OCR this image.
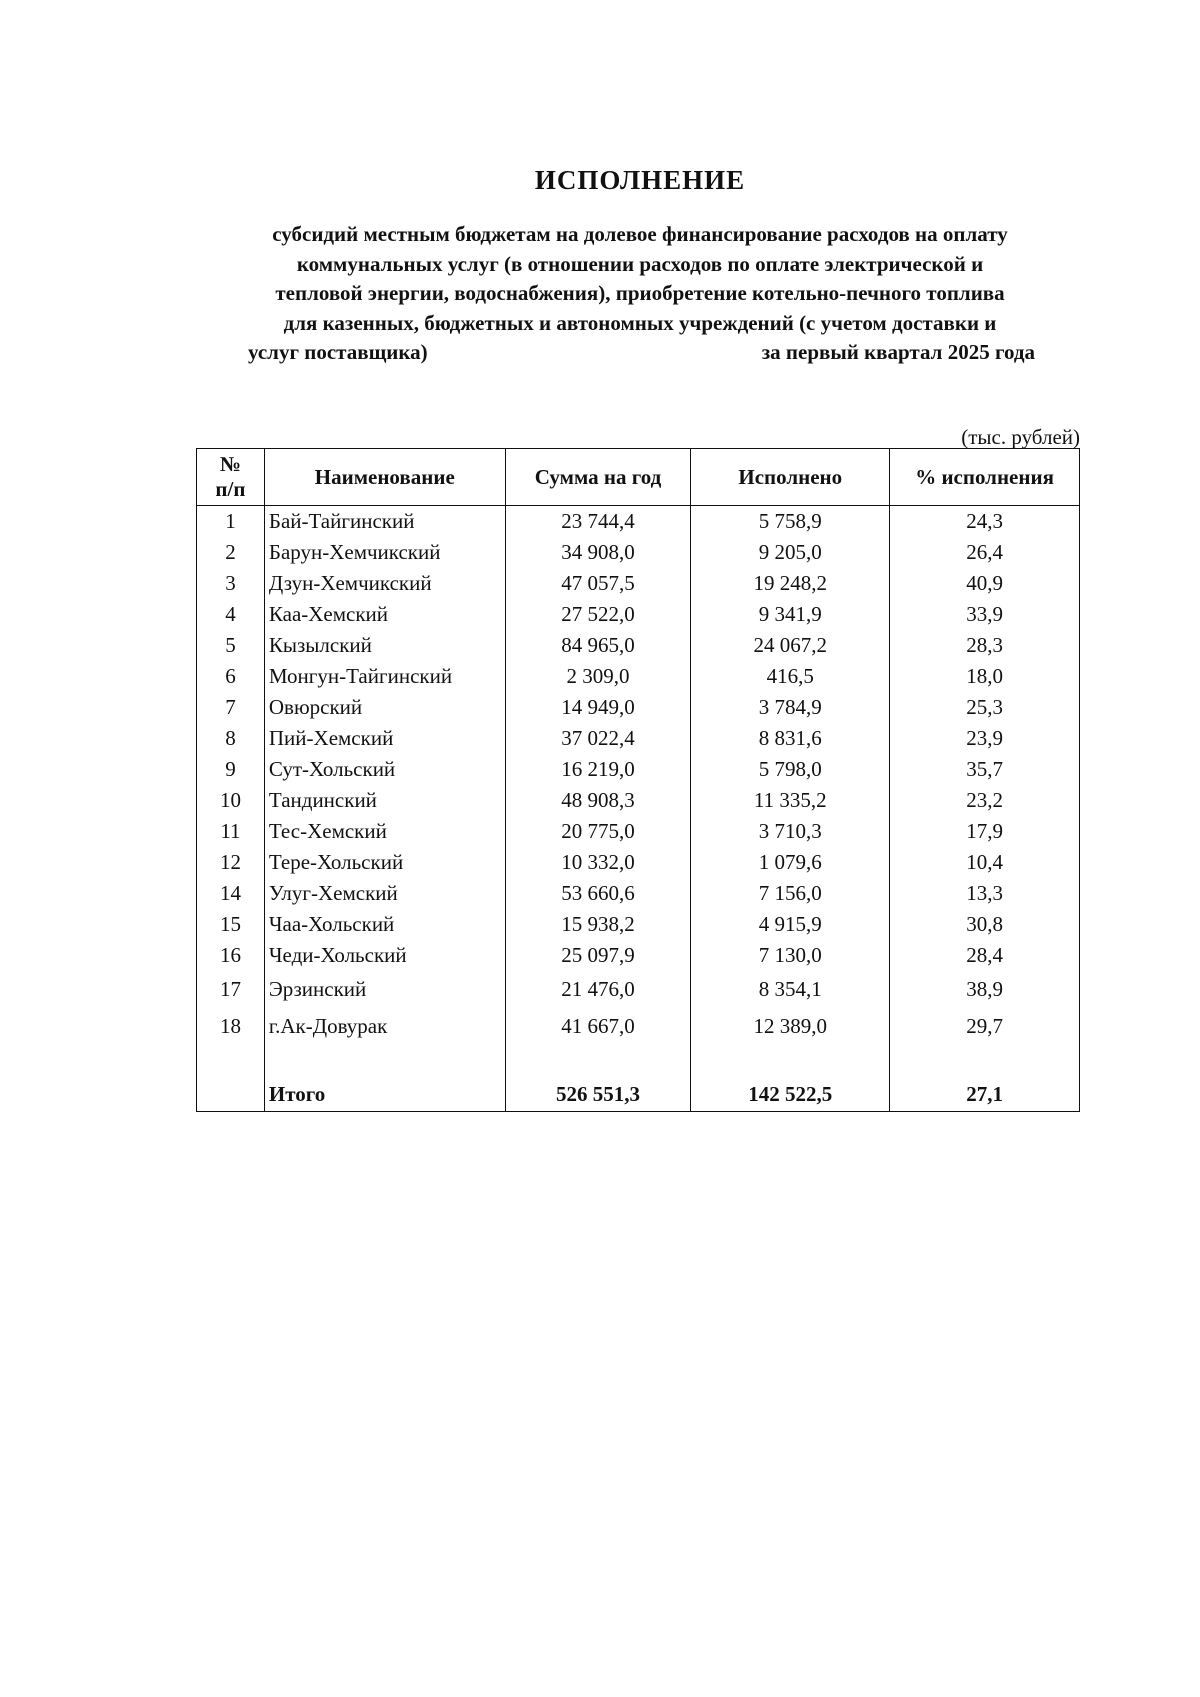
ИСПОЛНЕНИЕ
субсидий местным бюджетам на долевое финансирование расходов на оплату
коммунальных услуг (в отношении расходов по оплате электрической и
тепловой энергии, водоснабжения), приобретение котельно-печного топлива
для казенных, бюджетных и автономных учреждений (с учетом доставки и
услуг поставщика)	за первый квартал 2025 года
(тыс. рублей)
№
п/п	Наименование	Сумма на год	Исполнено	% исполнения
1	Бай-Тайгинский	23 744,4	5 758,9	24,3
2	Барун-Хемчикский	34 908,0	9 205,0	26,4
3	Дзун-Хемчикский	47 057,5	19 248,2	40,9
4	Каа-Хемский	27 522,0	9 341,9	33,9
5	Кызылский	84 965,0	24 067,2	28,3
6	Монгун-Тайгинский	2 309,0	416,5	18,0
7	Овюрский	14 949,0	3 784,9	25,3
8	Пий-Хемский	37 022,4	8 831,6	23,9
9	Сут-Хольский	16 219,0	5 798,0	35,7
10	Тандинский	48 908,3	11 335,2	23,2
11	Тес-Хемский	20 775,0	3 710,3	17,9
12	Тере-Хольский	10 332,0	1 079,6	10,4
14	Улуг-Хемский	53 660,6	7 156,0	13,3
15	Чаа-Хольский	15 938,2	4 915,9	30,8
16	Чеди-Хольский	25 097,9	7 130,0	28,4
17	Эрзинский	21 476,0	8 354,1	38,9
18	г.Ак-Довурак	41 667,0	12 389,0	29,7

	Итого	526 551,3	142 522,5	27,1
